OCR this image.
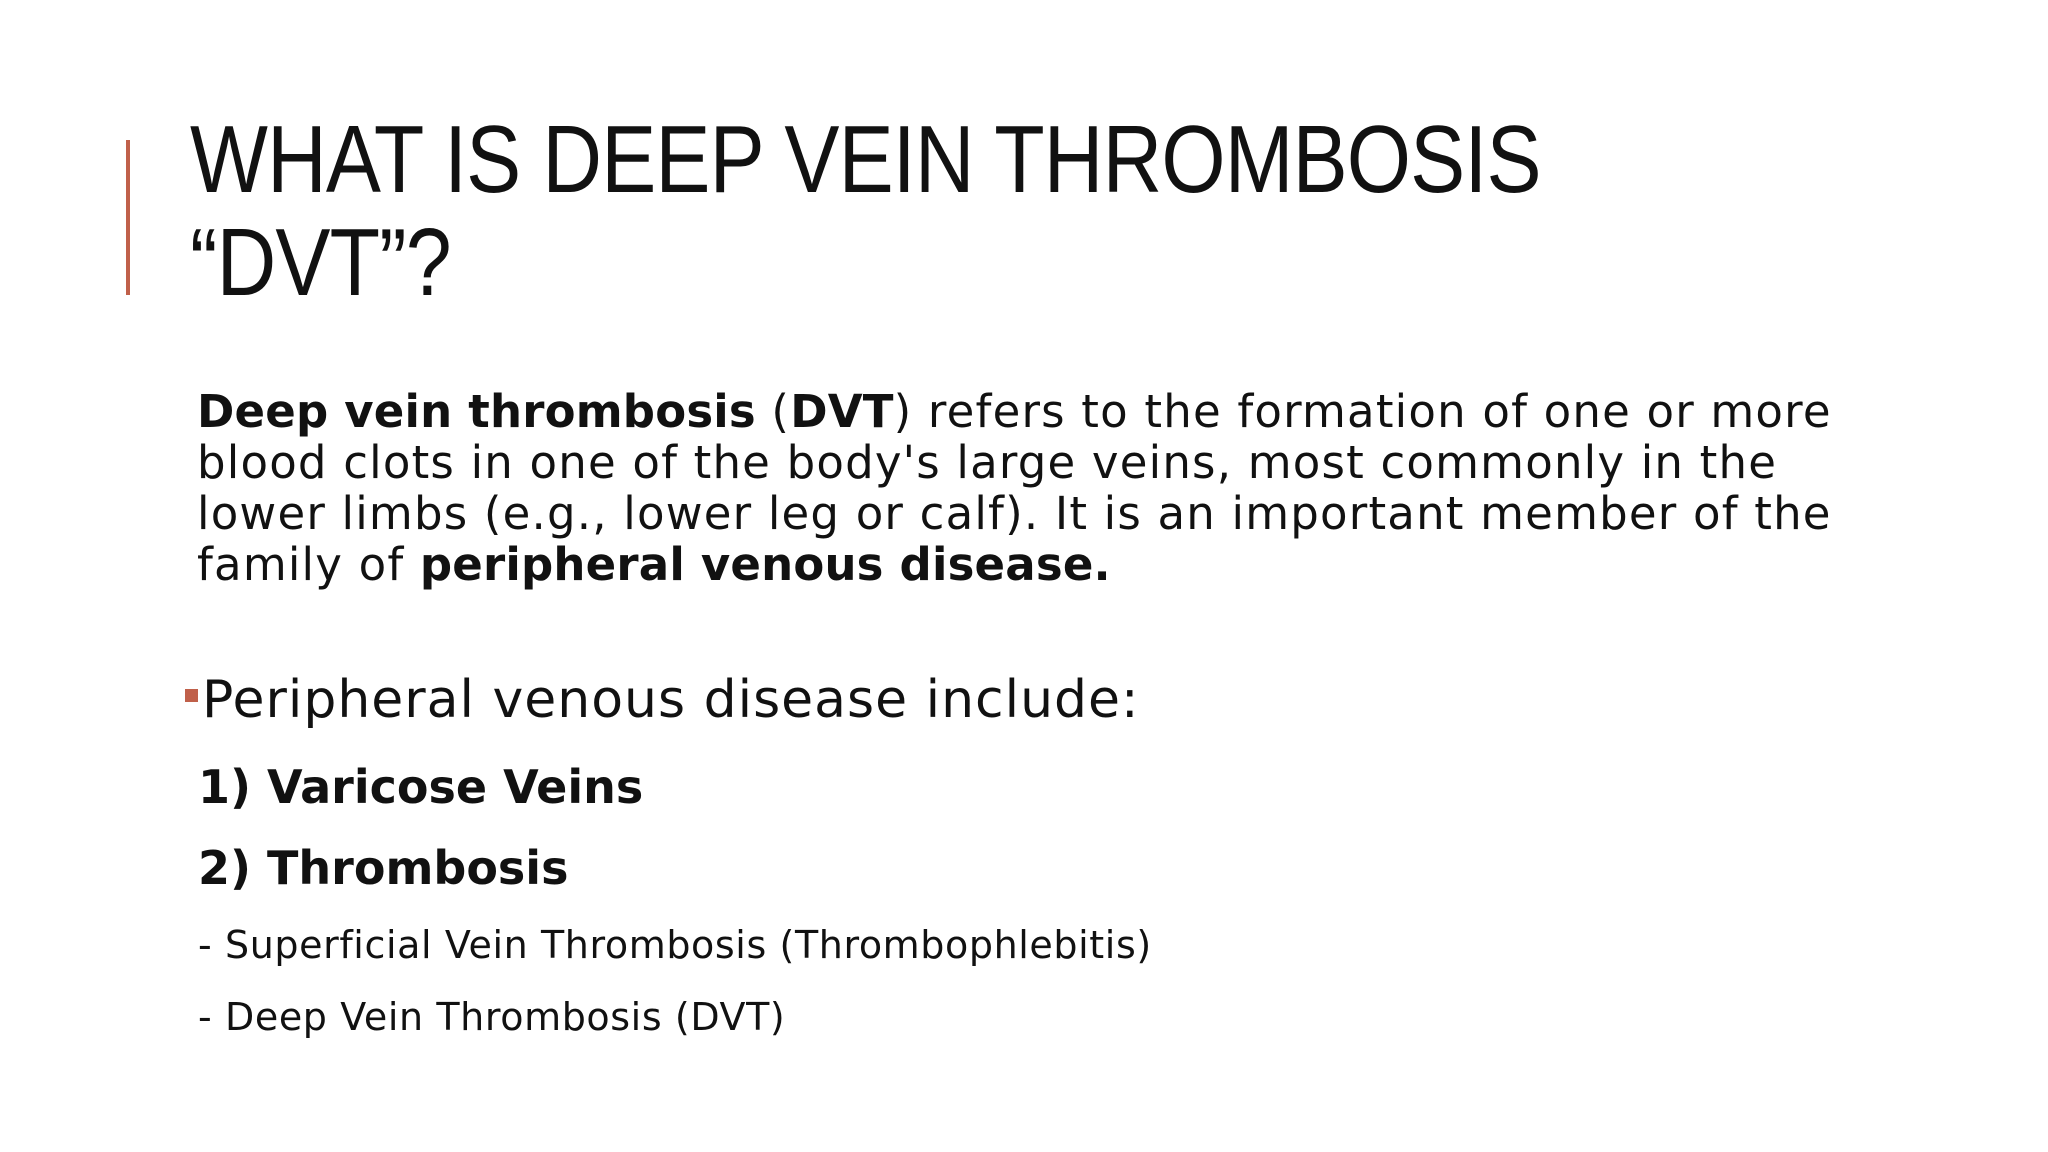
WHAT IS DEEP VEIN THROMBOSIS
“DVT”?

Deep vein thrombosis (DVT) refers to the formation of one or more blood clots in one of the body's large veins, most commonly in the lower limbs (e.g., lower leg or calf). It is an important member of the family of peripheral venous disease.

Peripheral venous disease include:
1) Varicose Veins
2) Thrombosis
- Superficial Vein Thrombosis (Thrombophlebitis)
- Deep Vein Thrombosis (DVT)
